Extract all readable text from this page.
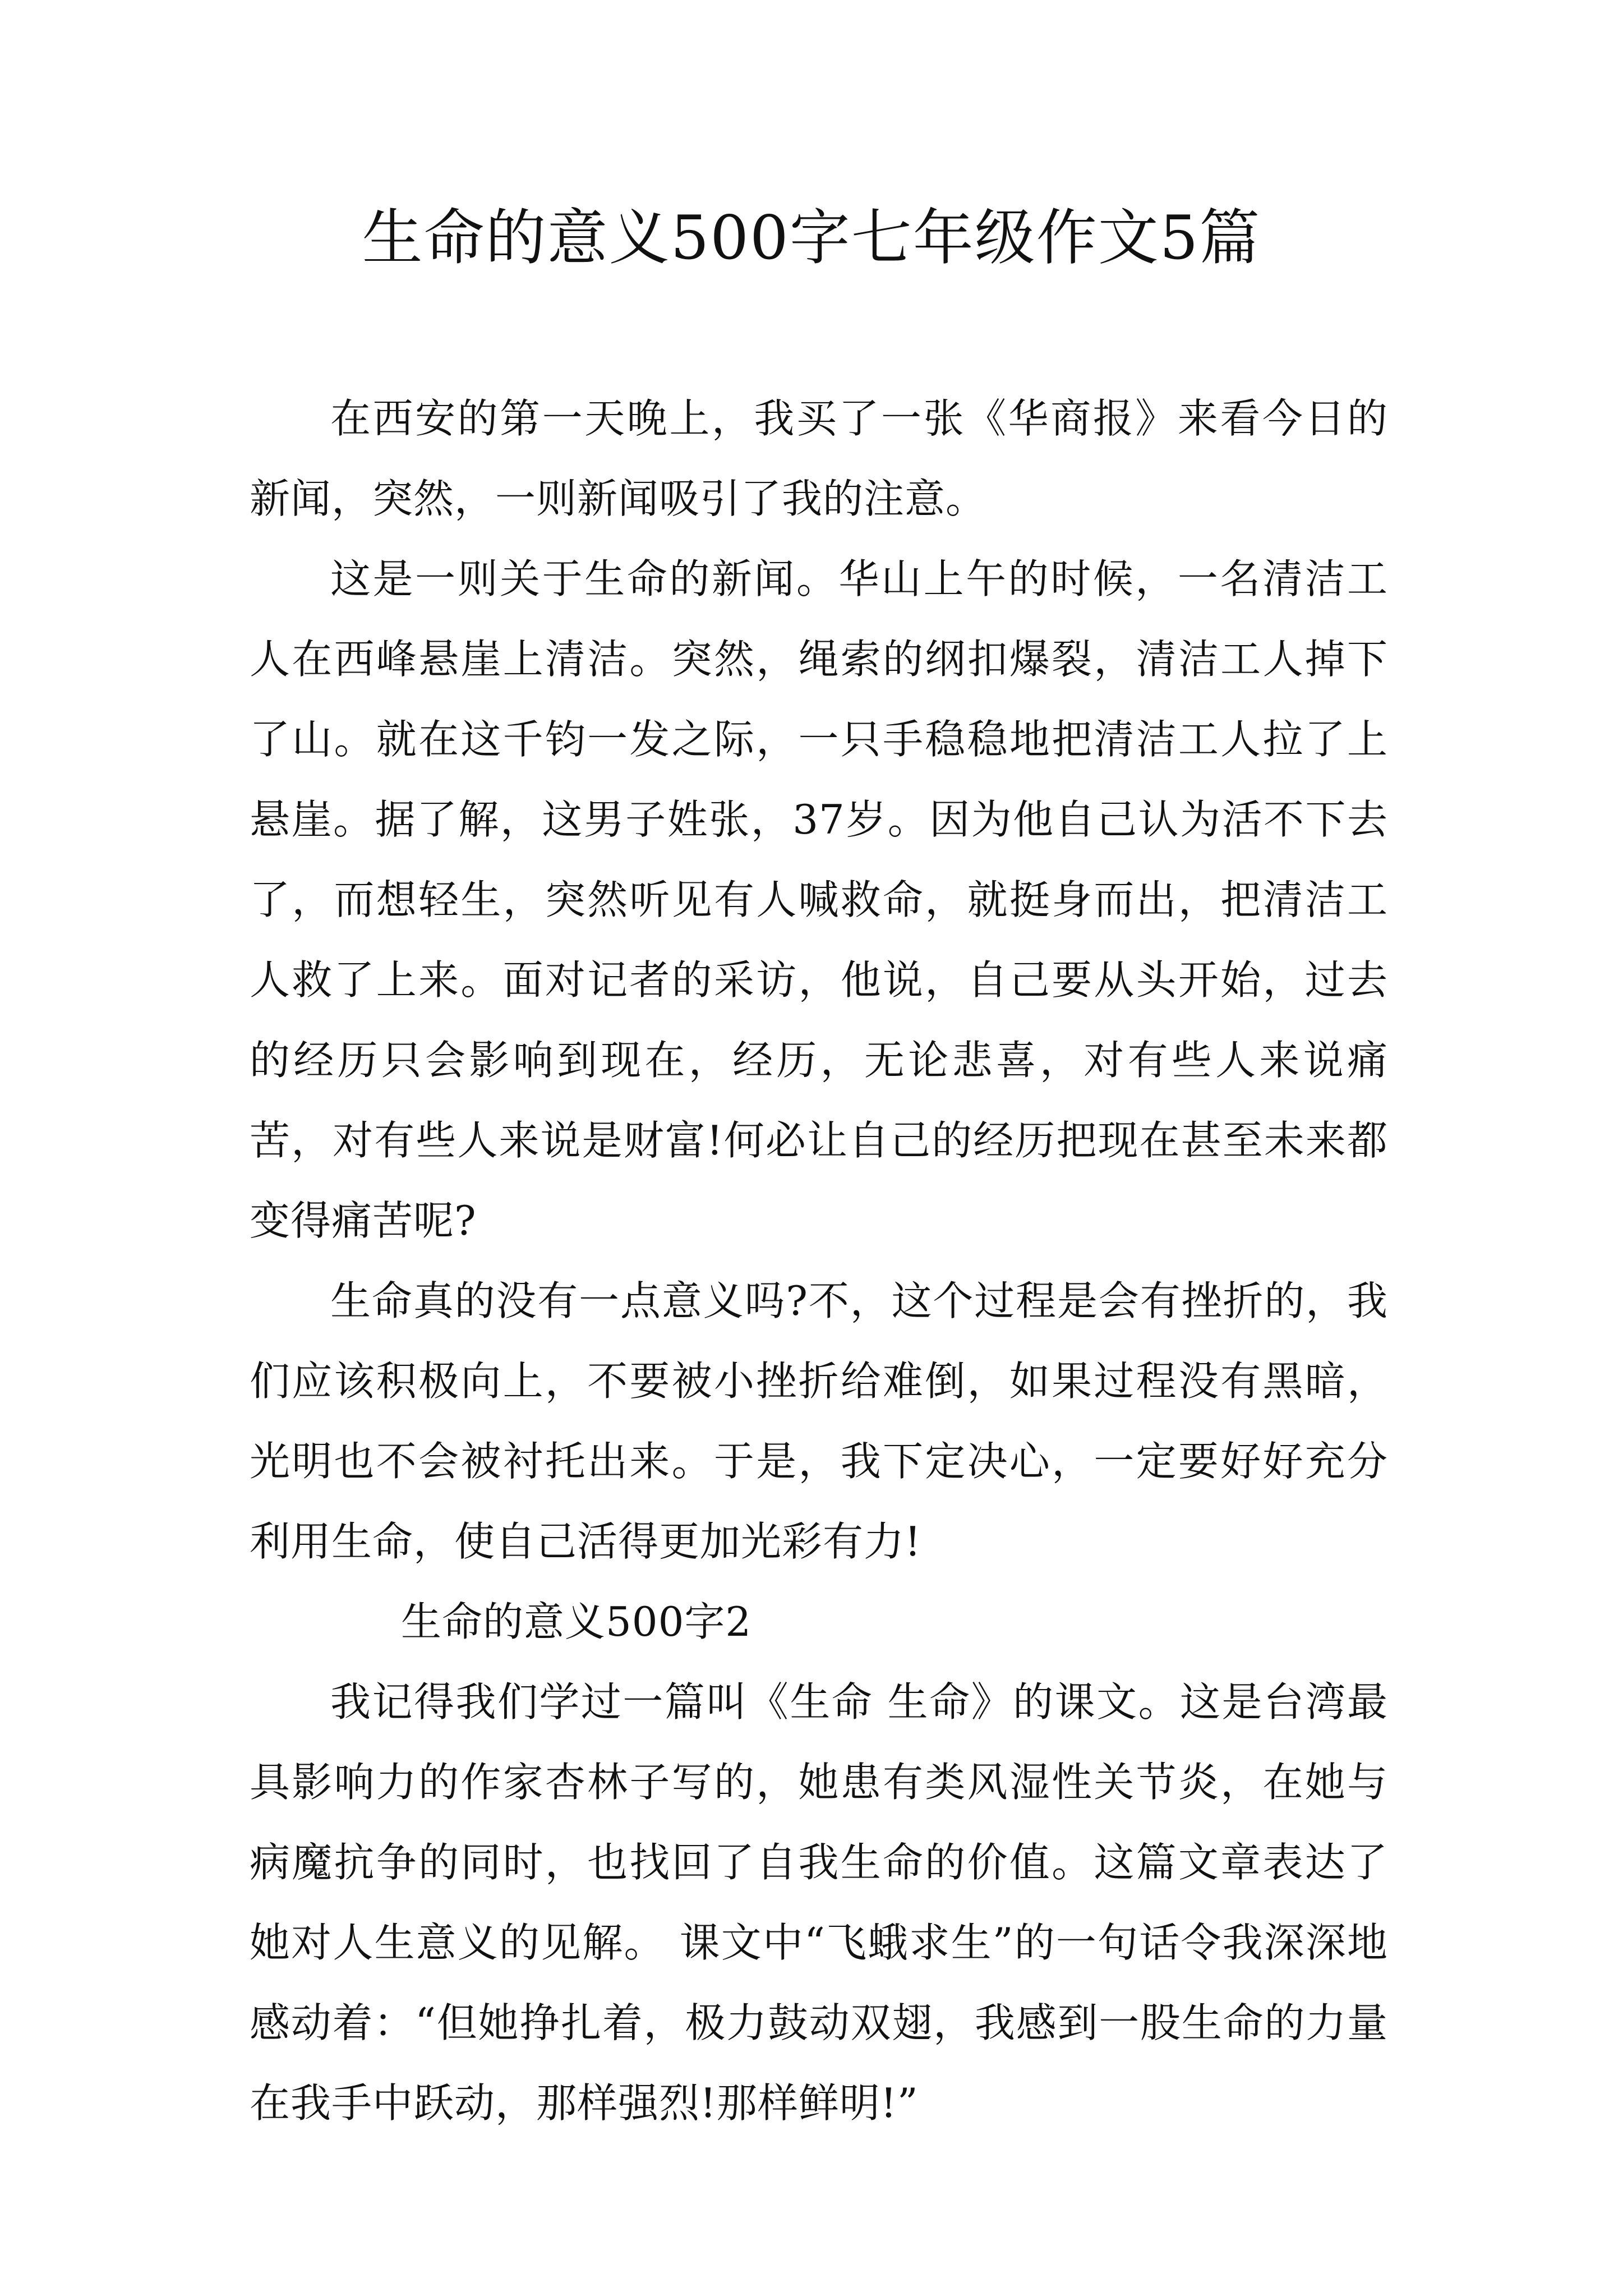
生命的意义500字七年级作文5篇

在西安的第一天晚上，我买了一张《华商报》来看今日的新闻，突然，一则新闻吸引了我的注意。

这是一则关于生命的新闻。华山上午的时候，一名清洁工人在西峰悬崖上清洁。突然，绳索的纲扣爆裂，清洁工人掉下了山。就在这千钧一发之际，一只手稳稳地把清洁工人拉了上悬崖。据了解，这男子姓张，37岁。因为他自己认为活不下去了，而想轻生，突然听见有人喊救命，就挺身而出，把清洁工人救了上来。面对记者的采访，他说，自己要从头开始，过去的经历只会影响到现在，经历，无论悲喜，对有些人来说痛苦，对有些人来说是财富!何必让自己的经历把现在甚至未来都变得痛苦呢?

生命真的没有一点意义吗?不，这个过程是会有挫折的，我们应该积极向上，不要被小挫折给难倒，如果过程没有黑暗，光明也不会被衬托出来。于是，我下定决心，一定要好好充分利用生命，使自己活得更加光彩有力!

生命的意义500字2

我记得我们学过一篇叫《生命 生命》的课文。这是台湾最具影响力的作家杏林子写的，她患有类风湿性关节炎，在她与病魔抗争的同时，也找回了自我生命的价值。这篇文章表达了她对人生意义的见解。 课文中“飞蛾求生”的一句话令我深深地感动着：“但她挣扎着，极力鼓动双翅，我感到一股生命的力量在我手中跃动，那样强烈!那样鲜明!”
